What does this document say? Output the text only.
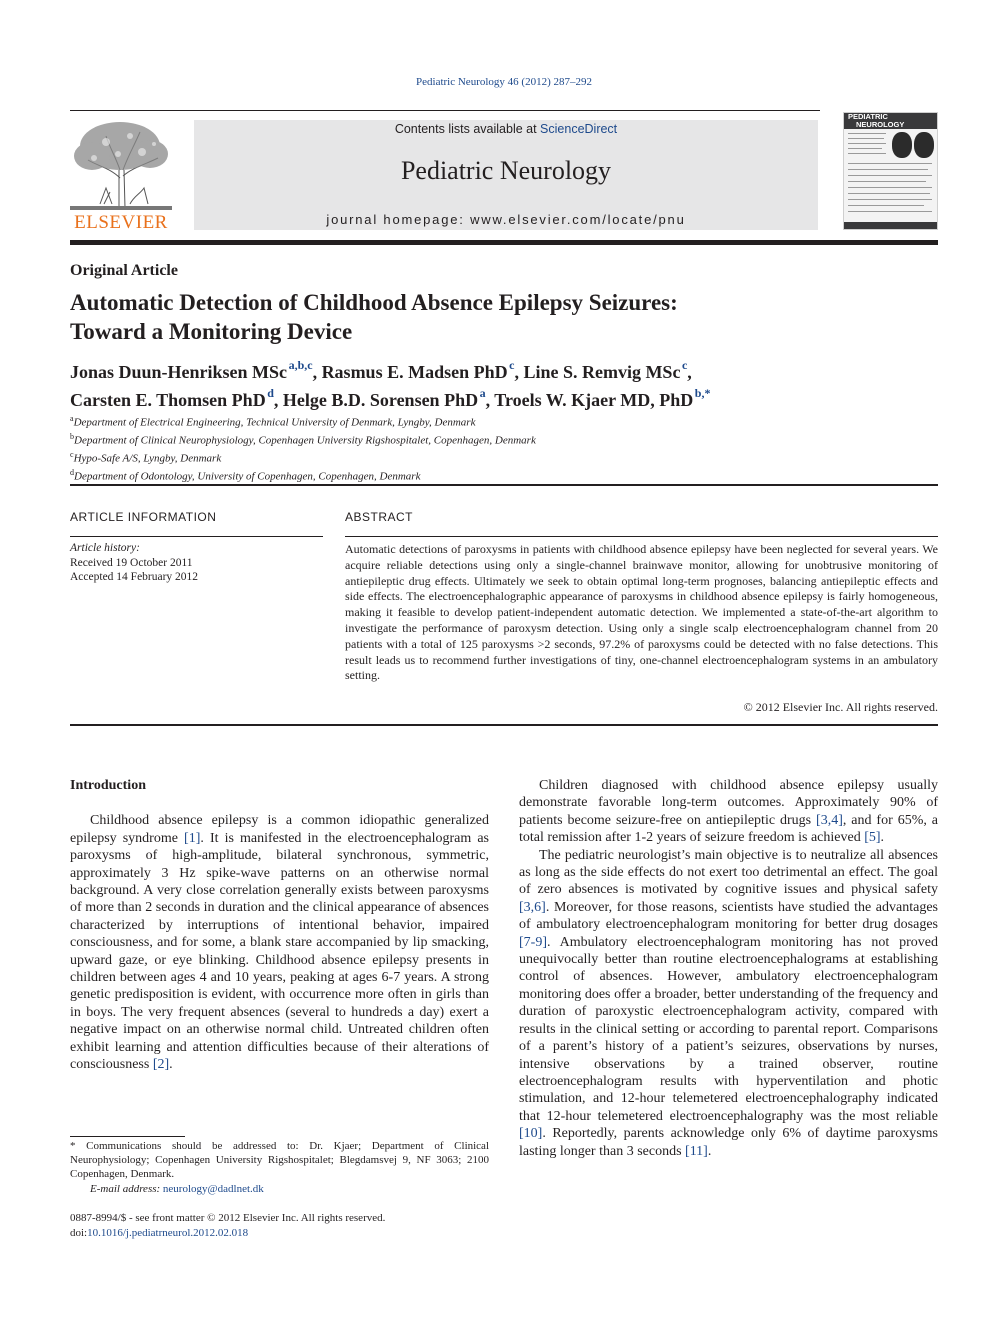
Pediatric Neurology 46 (2012) 287–292
ELSEVIER
Contents lists available at ScienceDirect
Pediatric Neurology
journal homepage: www.elsevier.com/locate/pnu
PEDIATRIC
NEUROLOGY
Original Article
Automatic Detection of Childhood Absence Epilepsy Seizures:
Toward a Monitoring Device
Jonas Duun-Henriksen MSc  $^{a,b,c}$, Rasmus E. Madsen PhD  $^c$, Line S. Remvig MSc  $^c$,
Carsten E. Thomsen PhD  $^d$, Helge B.D. Sorensen PhD  $^a$, Troels W. Kjaer MD, PhD  $^{b,*}$
$^a$Department of Electrical Engineering, Technical University of Denmark, Lyngby, Denmark
$^b$Department of Clinical Neurophysiology, Copenhagen University Rigshospitalet, Copenhagen, Denmark
$^c$Hypo-Safe A/S, Lyngby, Denmark
$^d$Department of Odontology, University of Copenhagen, Copenhagen, Denmark
ARTICLE INFORMATION	ABSTRACT
Article history:
Received 19 October 2011
Accepted 14 February 2012
Automatic detections of paroxysms in patients with childhood absence epilepsy have been neglected for several years. We acquire reliable detections using only a single-channel brainwave monitor, allowing for unobtrusive monitoring of antiepileptic drug effects. Ultimately we seek to obtain optimal long-term prognoses, balancing antiepileptic effects and side effects. The electroencephalographic appearance of paroxysms in childhood absence epilepsy is fairly homogeneous, making it feasible to develop patient-independent automatic detection. We implemented a state-of-the-art algorithm to investigate the performance of paroxysm detection. Using only a single scalp electroencephalogram channel from 20 patients with a total of 125 paroxysms >2 seconds, 97.2% of paroxysms could be detected with no false detections. This result leads us to recommend further investigations of tiny, one-channel electroencephalogram systems in an ambulatory setting.
© 2012 Elsevier Inc. All rights reserved.
Introduction

Childhood absence epilepsy is a common idiopathic generalized epilepsy syndrome [1]. It is manifested in the electroencephalogram as paroxysms of high-amplitude, bilateral synchronous, symmetric, approximately 3 Hz spike-wave patterns on an otherwise normal background. A very close correlation generally exists between paroxysms of more than 2 seconds in duration and the clinical appearance of absences characterized by interruptions of intentional behavior, impaired consciousness, and for some, a blank stare accompanied by lip smacking, upward gaze, or eye blinking. Childhood absence epilepsy presents in children between ages 4 and 10 years, peaking at ages 6-7 years. A strong genetic predisposition is evident, with occurrence more often in girls than in boys. The very frequent absences (several to hundreds a day) exert a negative impact on an otherwise normal child. Untreated children often exhibit learning and attention difficulties because of their alterations of consciousness [2].

Children diagnosed with childhood absence epilepsy usually demonstrate favorable long-term outcomes. Approximately 90% of patients become seizure-free on antiepileptic drugs [3,4], and for 65%, a total remission after 1-2 years of seizure freedom is achieved [5].

The pediatric neurologist’s main objective is to neutralize all absences as long as the side effects do not exert too detrimental an effect. The goal of zero absences is motivated by cognitive issues and physical safety [3,6]. Moreover, for those reasons, scientists have studied the advantages of ambulatory electroencephalogram monitoring for better drug dosages [7-9]. Ambulatory electroencephalogram monitoring has not proved unequivocally better than routine electroencephalograms at establishing control of absences. However, ambulatory electroencephalogram monitoring does offer a broader, better understanding of the frequency and duration of paroxystic electroencephalogram activity, compared with results in the clinical setting or according to parental report. Comparisons of a parent’s history of a patient’s seizures, observations by nurses, intensive observations by a trained observer, routine electroencephalogram results with hyperventilation and photic stimulation, and 12-hour telemetered electroencephalography indicated that 12-hour telemetered electroencephalography was the most reliable [10]. Reportedly, parents acknowledge only 6% of daytime paroxysms lasting longer than 3 seconds [11].

* Communications should be addressed to: Dr. Kjaer; Department of Clinical Neurophysiology; Copenhagen University Rigshospitalet; Blegdamsvej 9, NF 3063; 2100 Copenhagen, Denmark.
E-mail address: neurology@dadlnet.dk
0887-8994/$ - see front matter © 2012 Elsevier Inc. All rights reserved.
doi:10.1016/j.pediatrneurol.2012.02.018
